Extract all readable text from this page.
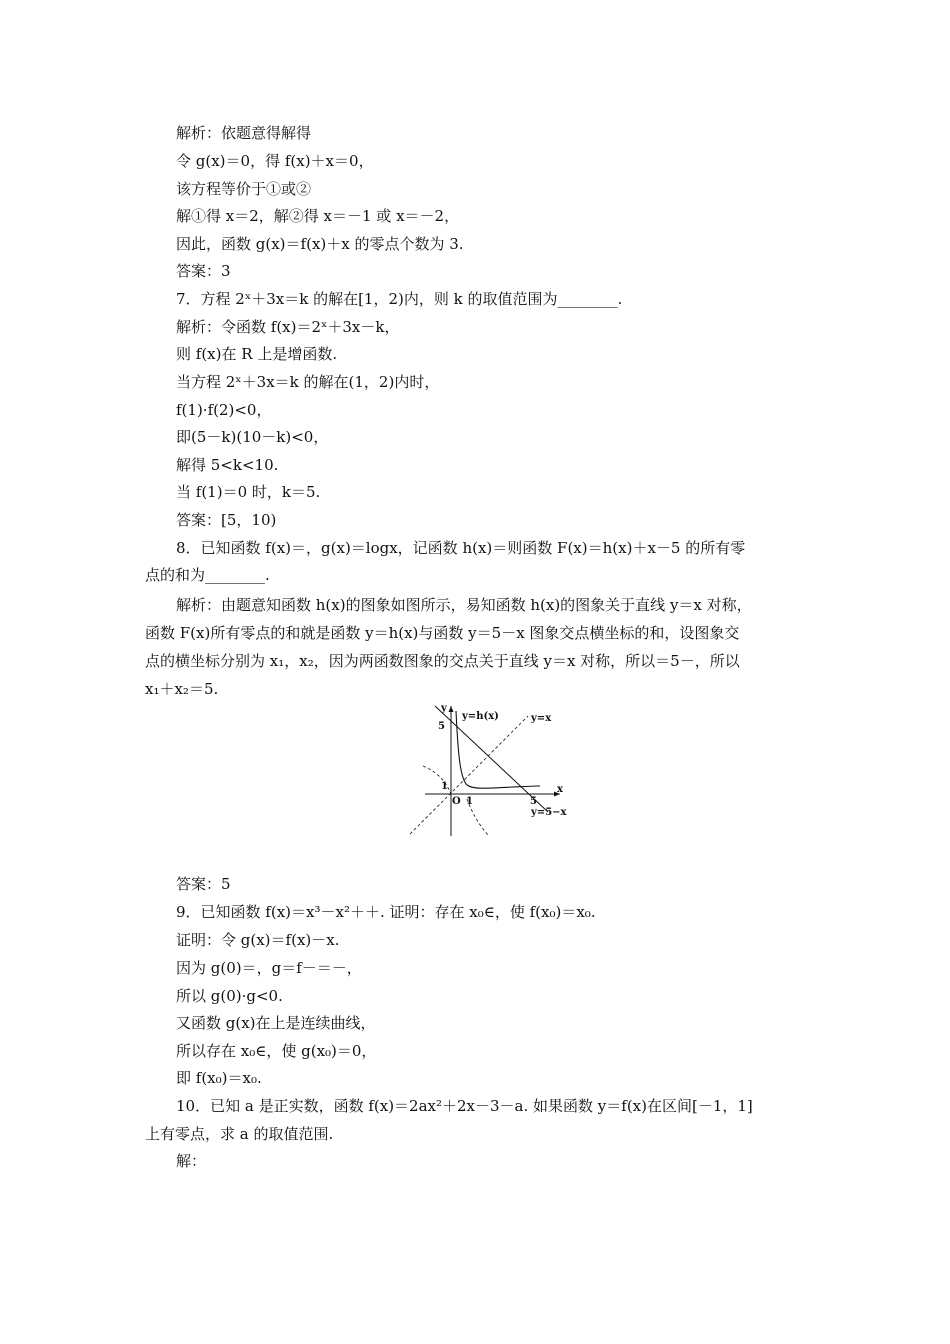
解析：依题意得解得
令 g(x)＝0，得 f(x)＋x＝0，
该方程等价于①或②
解①得 x＝2，解②得 x＝－1 或 x＝－2，
因此，函数 g(x)＝f(x)＋x 的零点个数为 3.
答案：3
7．方程 2ˣ＋3x＝k 的解在[1，2)内，则 k 的取值范围为________.
解析：令函数 f(x)＝2ˣ＋3x－k，
则 f(x)在 R 上是增函数.
当方程 2ˣ＋3x＝k 的解在(1，2)内时，
f(1)·f(2)<0，
即(5－k)(10－k)<0，
解得 5<k<10.
当 f(1)＝0 时，k＝5.
答案：[5，10)
8．已知函数 f(x)＝，g(x)＝logx，记函数 h(x)＝则函数 F(x)＝h(x)＋x－5 的所有零
点的和为________.
解析：由题意知函数 h(x)的图象如图所示，易知函数 h(x)的图象关于直线 y＝x 对称，
函数 F(x)所有零点的和就是函数 y＝h(x)与函数 y＝5－x 图象交点横坐标的和，设图象交
点的横坐标分别为 x₁，x₂，因为两函数图象的交点关于直线 y＝x 对称，所以＝5－，所以
x₁＋x₂＝5.
y
x
y=h(x)	y=x
y=5−x
O 1
1
5
5
答案：5
9．已知函数 f(x)＝x³－x²＋＋. 证明：存在 x₀∈，使 f(x₀)＝x₀.
证明：令 g(x)＝f(x)－x.
因为 g(0)＝，g＝f－＝－，
所以 g(0)·g<0.
又函数 g(x)在上是连续曲线，
所以存在 x₀∈，使 g(x₀)＝0，
即 f(x₀)＝x₀.
10．已知 a 是正实数，函数 f(x)＝2ax²＋2x－3－a. 如果函数 y＝f(x)在区间[－1，1]
上有零点，求 a 的取值范围.
解：
